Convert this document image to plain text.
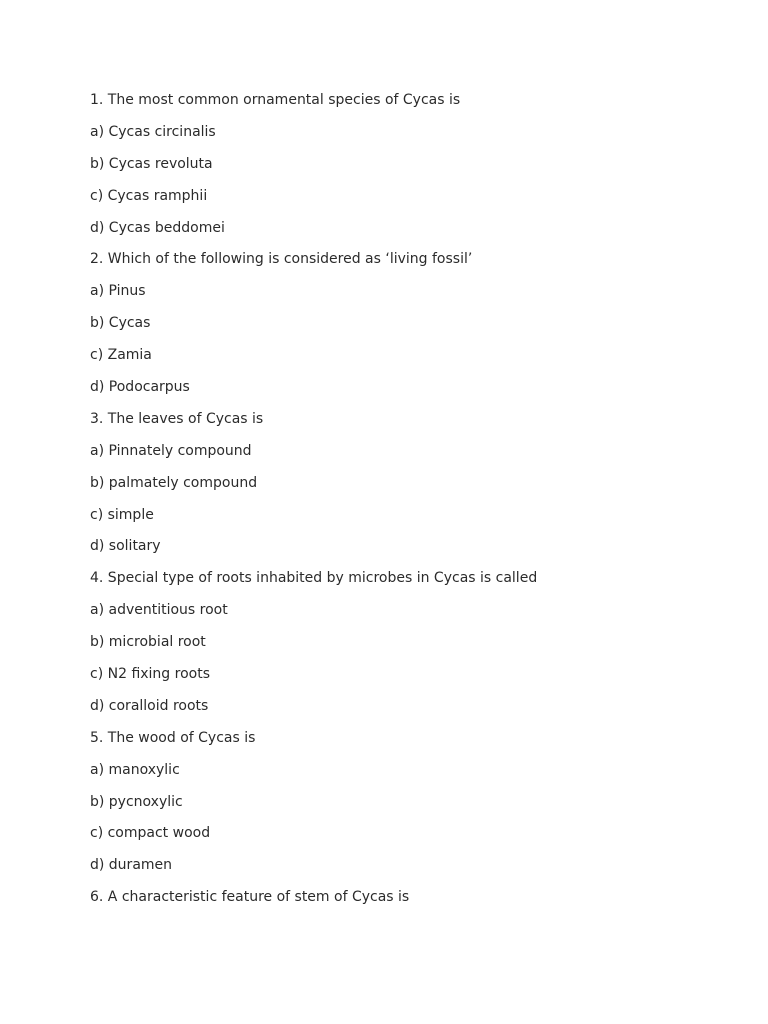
1. The most common ornamental species of Cycas is
a) Cycas circinalis
b) Cycas revoluta
c) Cycas ramphii
d) Cycas beddomei
2. Which of the following is considered as ‘living fossil’
a) Pinus
b) Cycas
c) Zamia
d) Podocarpus
3. The leaves of Cycas is
a) Pinnately compound
b) palmately compound
c) simple
d) solitary
4. Special type of roots inhabited by microbes in Cycas is called
a) adventitious root
b) microbial root
c) N2 fixing roots
d) coralloid roots
5. The wood of Cycas is
a) manoxylic
b) pycnoxylic
c) compact wood
d) duramen
6. A characteristic feature of stem of Cycas is
